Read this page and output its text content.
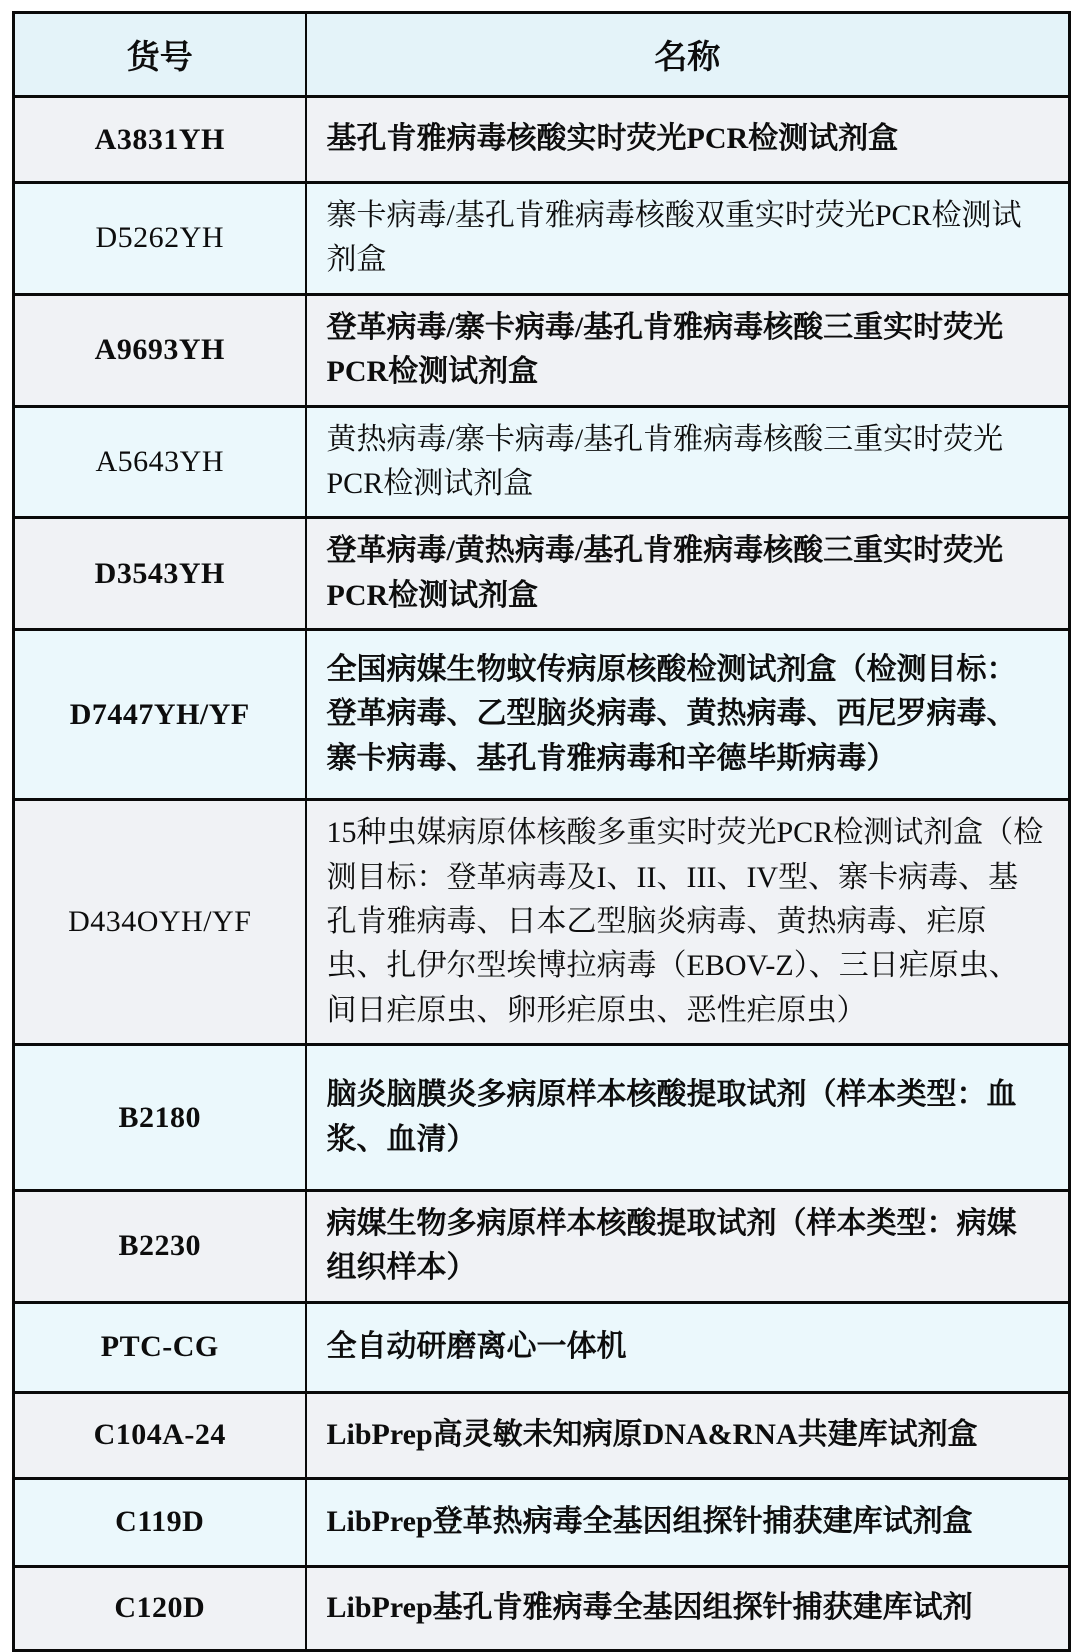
货号	名称
A3831YH	基孔肯雅病毒核酸实时荧光PCR检测试剂盒
D5262YH	寨卡病毒/基孔肯雅病毒核酸双重实时荧光PCR检测试剂盒
A9693YH	登革病毒/寨卡病毒/基孔肯雅病毒核酸三重实时荧光PCR检测试剂盒
A5643YH	黄热病毒/寨卡病毒/基孔肯雅病毒核酸三重实时荧光PCR检测试剂盒
D3543YH	登革病毒/黄热病毒/基孔肯雅病毒核酸三重实时荧光PCR检测试剂盒
D7447YH/YF	全国病媒生物蚊传病原核酸检测试剂盒（检测目标：登革病毒、乙型脑炎病毒、黄热病毒、西尼罗病毒、寨卡病毒、基孔肯雅病毒和辛德毕斯病毒）
D434OYH/YF	15种虫媒病原体核酸多重实时荧光PCR检测试剂盒（检测目标：登革病毒及I、II、III、IV型、寨卡病毒、基孔肯雅病毒、日本乙型脑炎病毒、黄热病毒、疟原虫、扎伊尔型埃博拉病毒（EBOV-Z）、三日疟原虫、间日疟原虫、卵形疟原虫、恶性疟原虫）
B2180	脑炎脑膜炎多病原样本核酸提取试剂（样本类型：血浆、血清）
B2230	病媒生物多病原样本核酸提取试剂（样本类型：病媒组织样本）
PTC-CG	全自动研磨离心一体机
C104A-24	LibPrep高灵敏未知病原DNA&RNA共建库试剂盒
C119D	LibPrep登革热病毒全基因组探针捕获建库试剂盒
C120D	LibPrep基孔肯雅病毒全基因组探针捕获建库试剂
